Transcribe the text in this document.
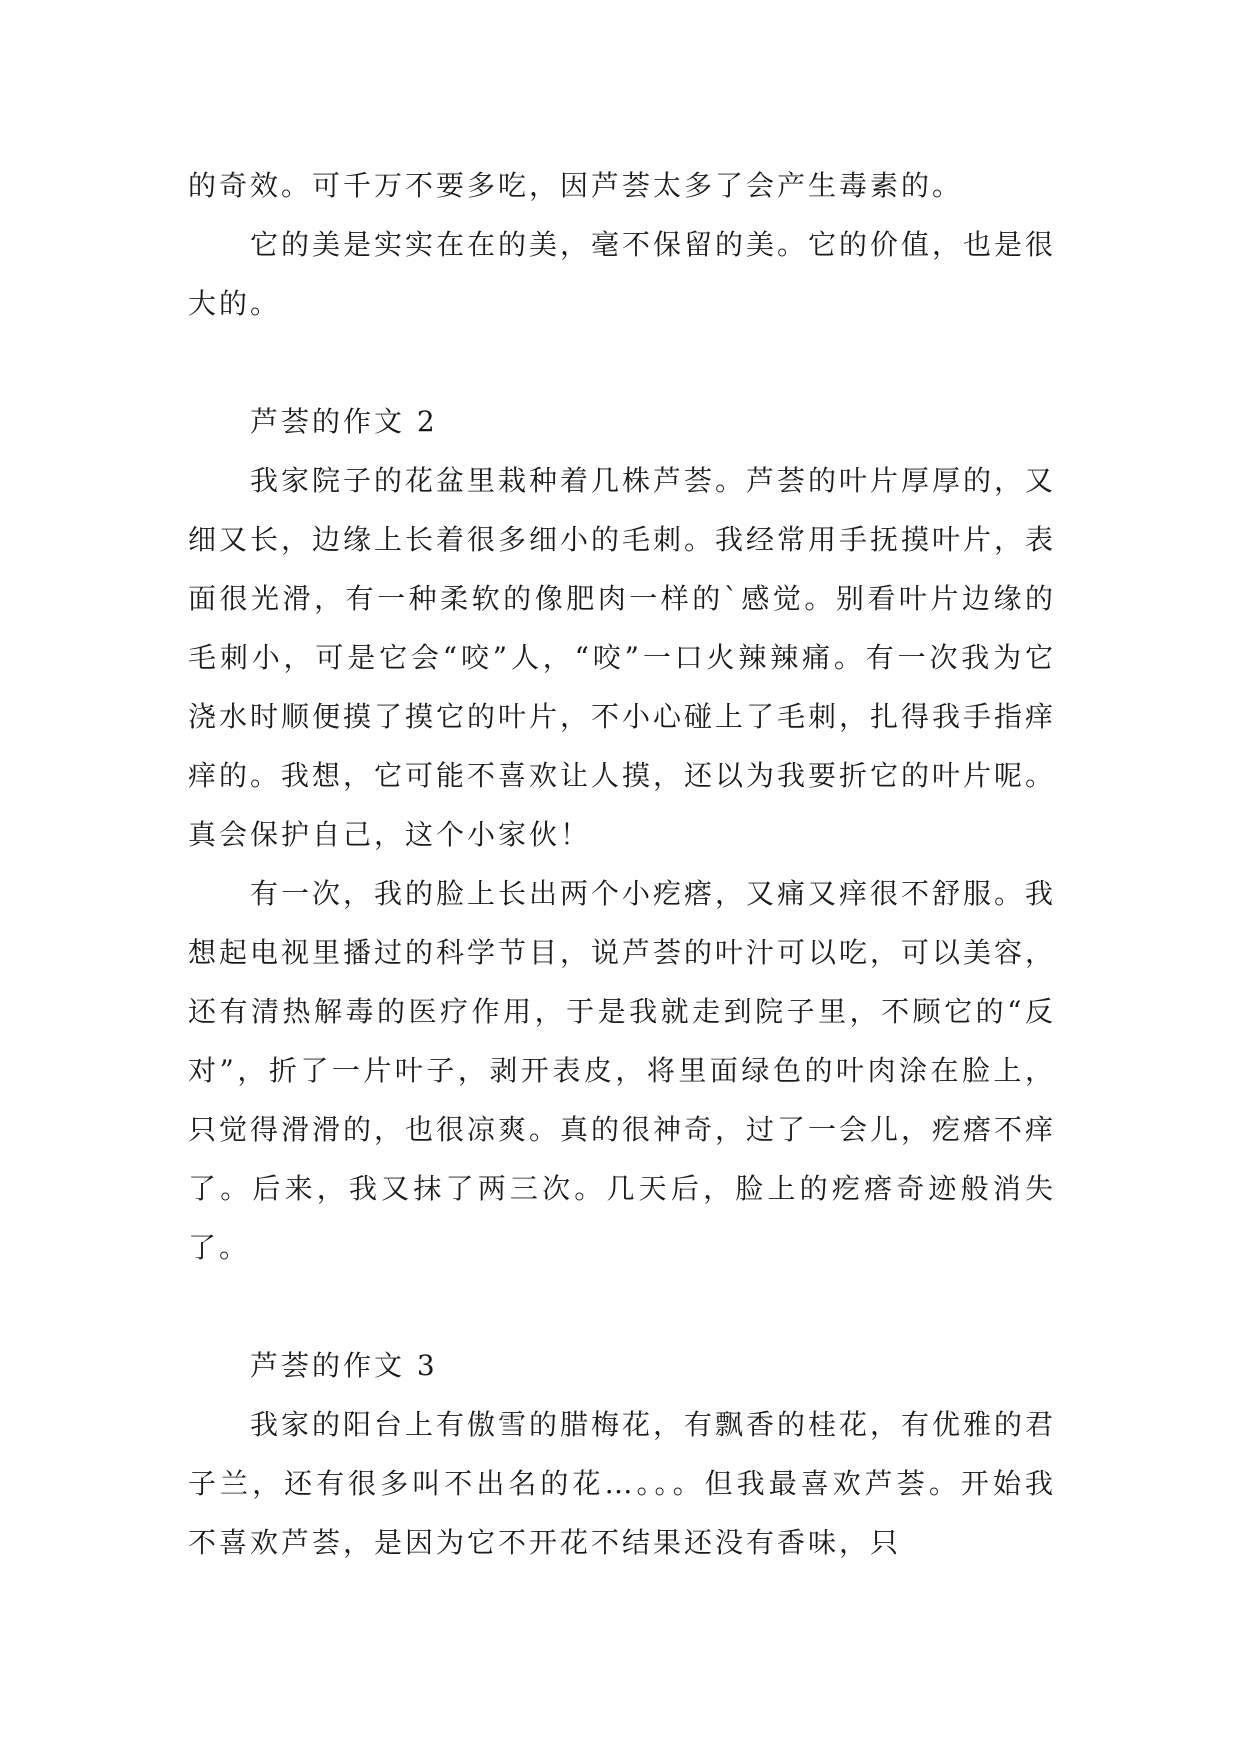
的奇效。可千万不要多吃，因芦荟太多了会产生毒素的。

它的美是实实在在的美，毫不保留的美。它的价值，也是很大的。

芦荟的作文 2

我家院子的花盆里栽种着几株芦荟。芦荟的叶片厚厚的，又细又长，边缘上长着很多细小的毛刺。我经常用手抚摸叶片，表面很光滑，有一种柔软的像肥肉一样的`感觉。别看叶片边缘的毛刺小，可是它会“咬”人，“咬”一口火辣辣痛。有一次我为它浇水时顺便摸了摸它的叶片，不小心碰上了毛刺，扎得我手指痒痒的。我想，它可能不喜欢让人摸，还以为我要折它的叶片呢。真会保护自己，这个小家伙！

有一次，我的脸上长出两个小疙瘩，又痛又痒很不舒服。我想起电视里播过的科学节目，说芦荟的叶汁可以吃，可以美容，还有清热解毒的医疗作用，于是我就走到院子里，不顾它的“反对”，折了一片叶子，剥开表皮，将里面绿色的叶肉涂在脸上，只觉得滑滑的，也很凉爽。真的很神奇，过了一会儿，疙瘩不痒了。后来，我又抹了两三次。几天后，脸上的疙瘩奇迹般消失了。

芦荟的作文 3

我家的阳台上有傲雪的腊梅花，有飘香的桂花，有优雅的君子兰，还有很多叫不出名的花…。。。但我最喜欢芦荟。开始我不喜欢芦荟，是因为它不开花不结果还没有香味，只
